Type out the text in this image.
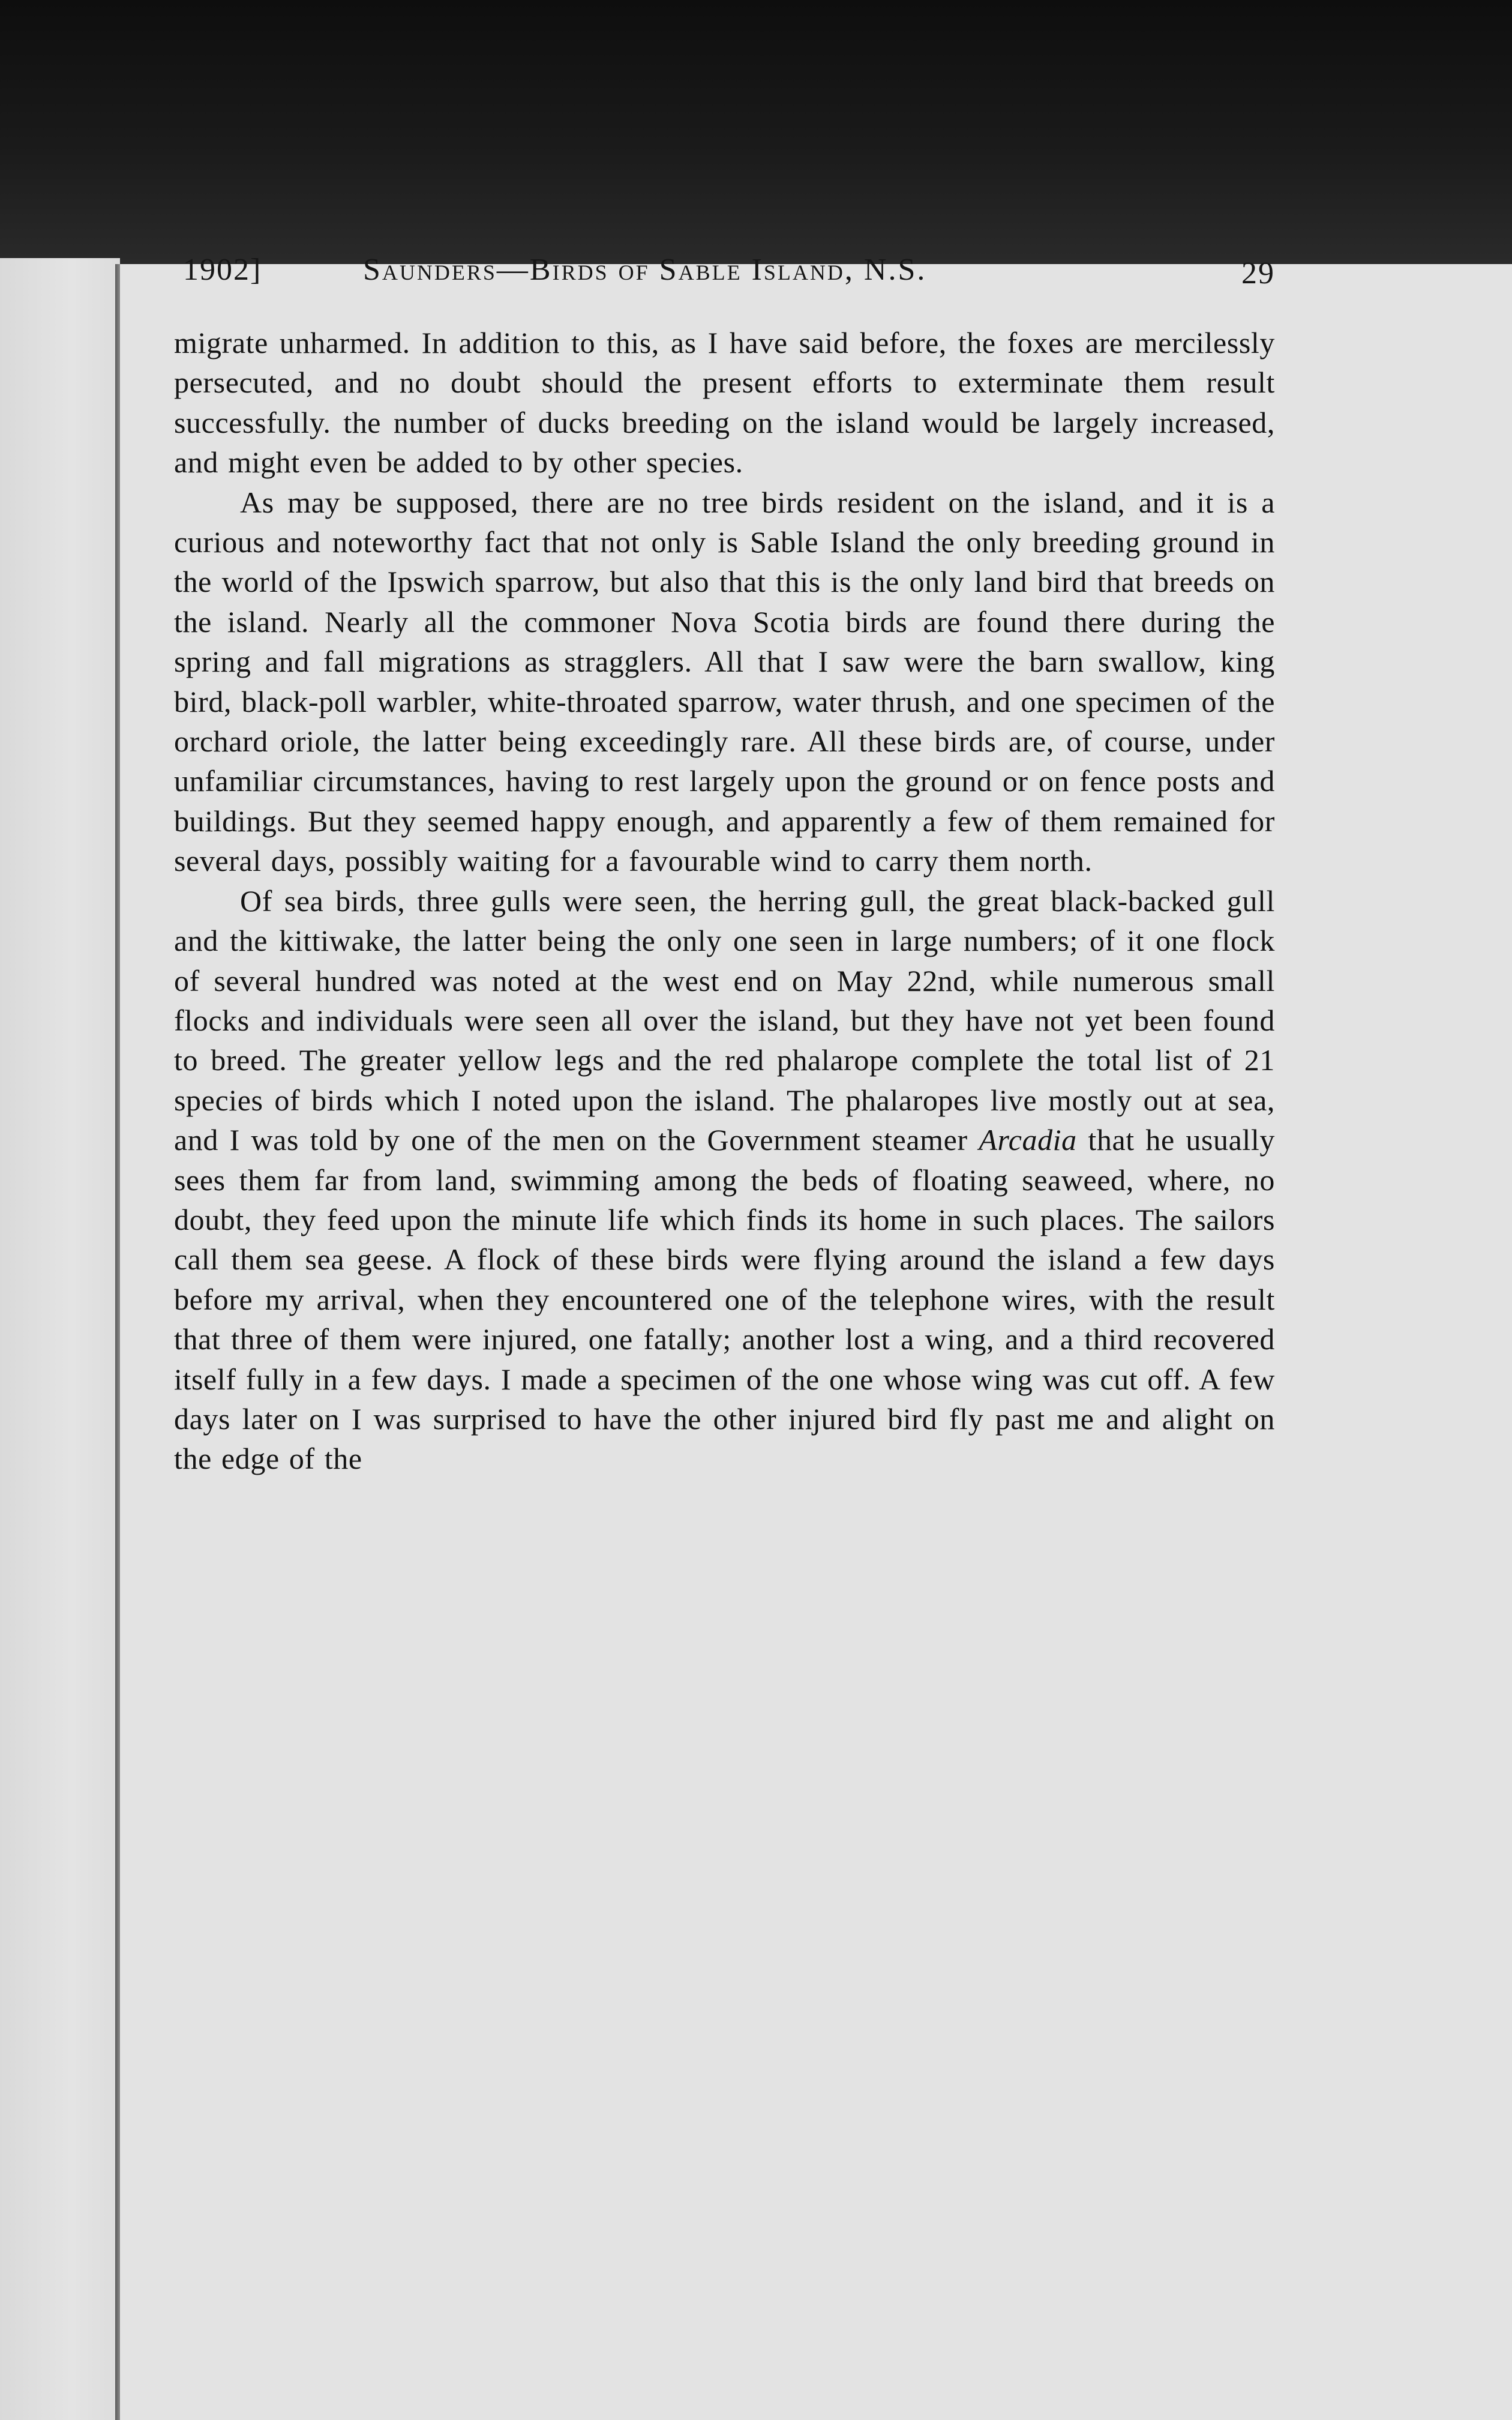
1902]	Saunders—Birds of Sable Island, N.S.	29

migrate unharmed. In addition to this, as I have said before, the foxes are mercilessly persecuted, and no doubt should the present efforts to exterminate them result successfully. the number of ducks breeding on the island would be largely increased, and might even be added to by other species.

As may be supposed, there are no tree birds resident on the island, and it is a curious and noteworthy fact that not only is Sable Island the only breeding ground in the world of the Ipswich sparrow, but also that this is the only land bird that breeds on the island. Nearly all the commoner Nova Scotia birds are found there during the spring and fall migrations as stragglers. All that I saw were the barn swallow, king bird, black-poll warbler, white-throated sparrow, water thrush, and one specimen of the orchard oriole, the latter being exceedingly rare. All these birds are, of course, under unfamiliar circumstances, having to rest largely upon the ground or on fence posts and buildings. But they seemed happy enough, and apparently a few of them remained for several days, possibly waiting for a favourable wind to carry them north.

Of sea birds, three gulls were seen, the herring gull, the great black-backed gull and the kittiwake, the latter being the only one seen in large numbers; of it one flock of several hundred was noted at the west end on May 22nd, while numerous small flocks and individuals were seen all over the island, but they have not yet been found to breed. The greater yellow legs and the red phalarope complete the total list of 21 species of birds which I noted upon the island. The phalaropes live mostly out at sea, and I was told by one of the men on the Government steamer Arcadia that he usually sees them far from land, swimming among the beds of floating seaweed, where, no doubt, they feed upon the minute life which finds its home in such places. The sailors call them sea geese. A flock of these birds were flying around the island a few days before my arrival, when they encountered one of the telephone wires, with the result that three of them were injured, one fatally; another lost a wing, and a third recovered itself fully in a few days. I made a specimen of the one whose wing was cut off. A few days later on I was surprised to have the other injured bird fly past me and alight on the edge of the
